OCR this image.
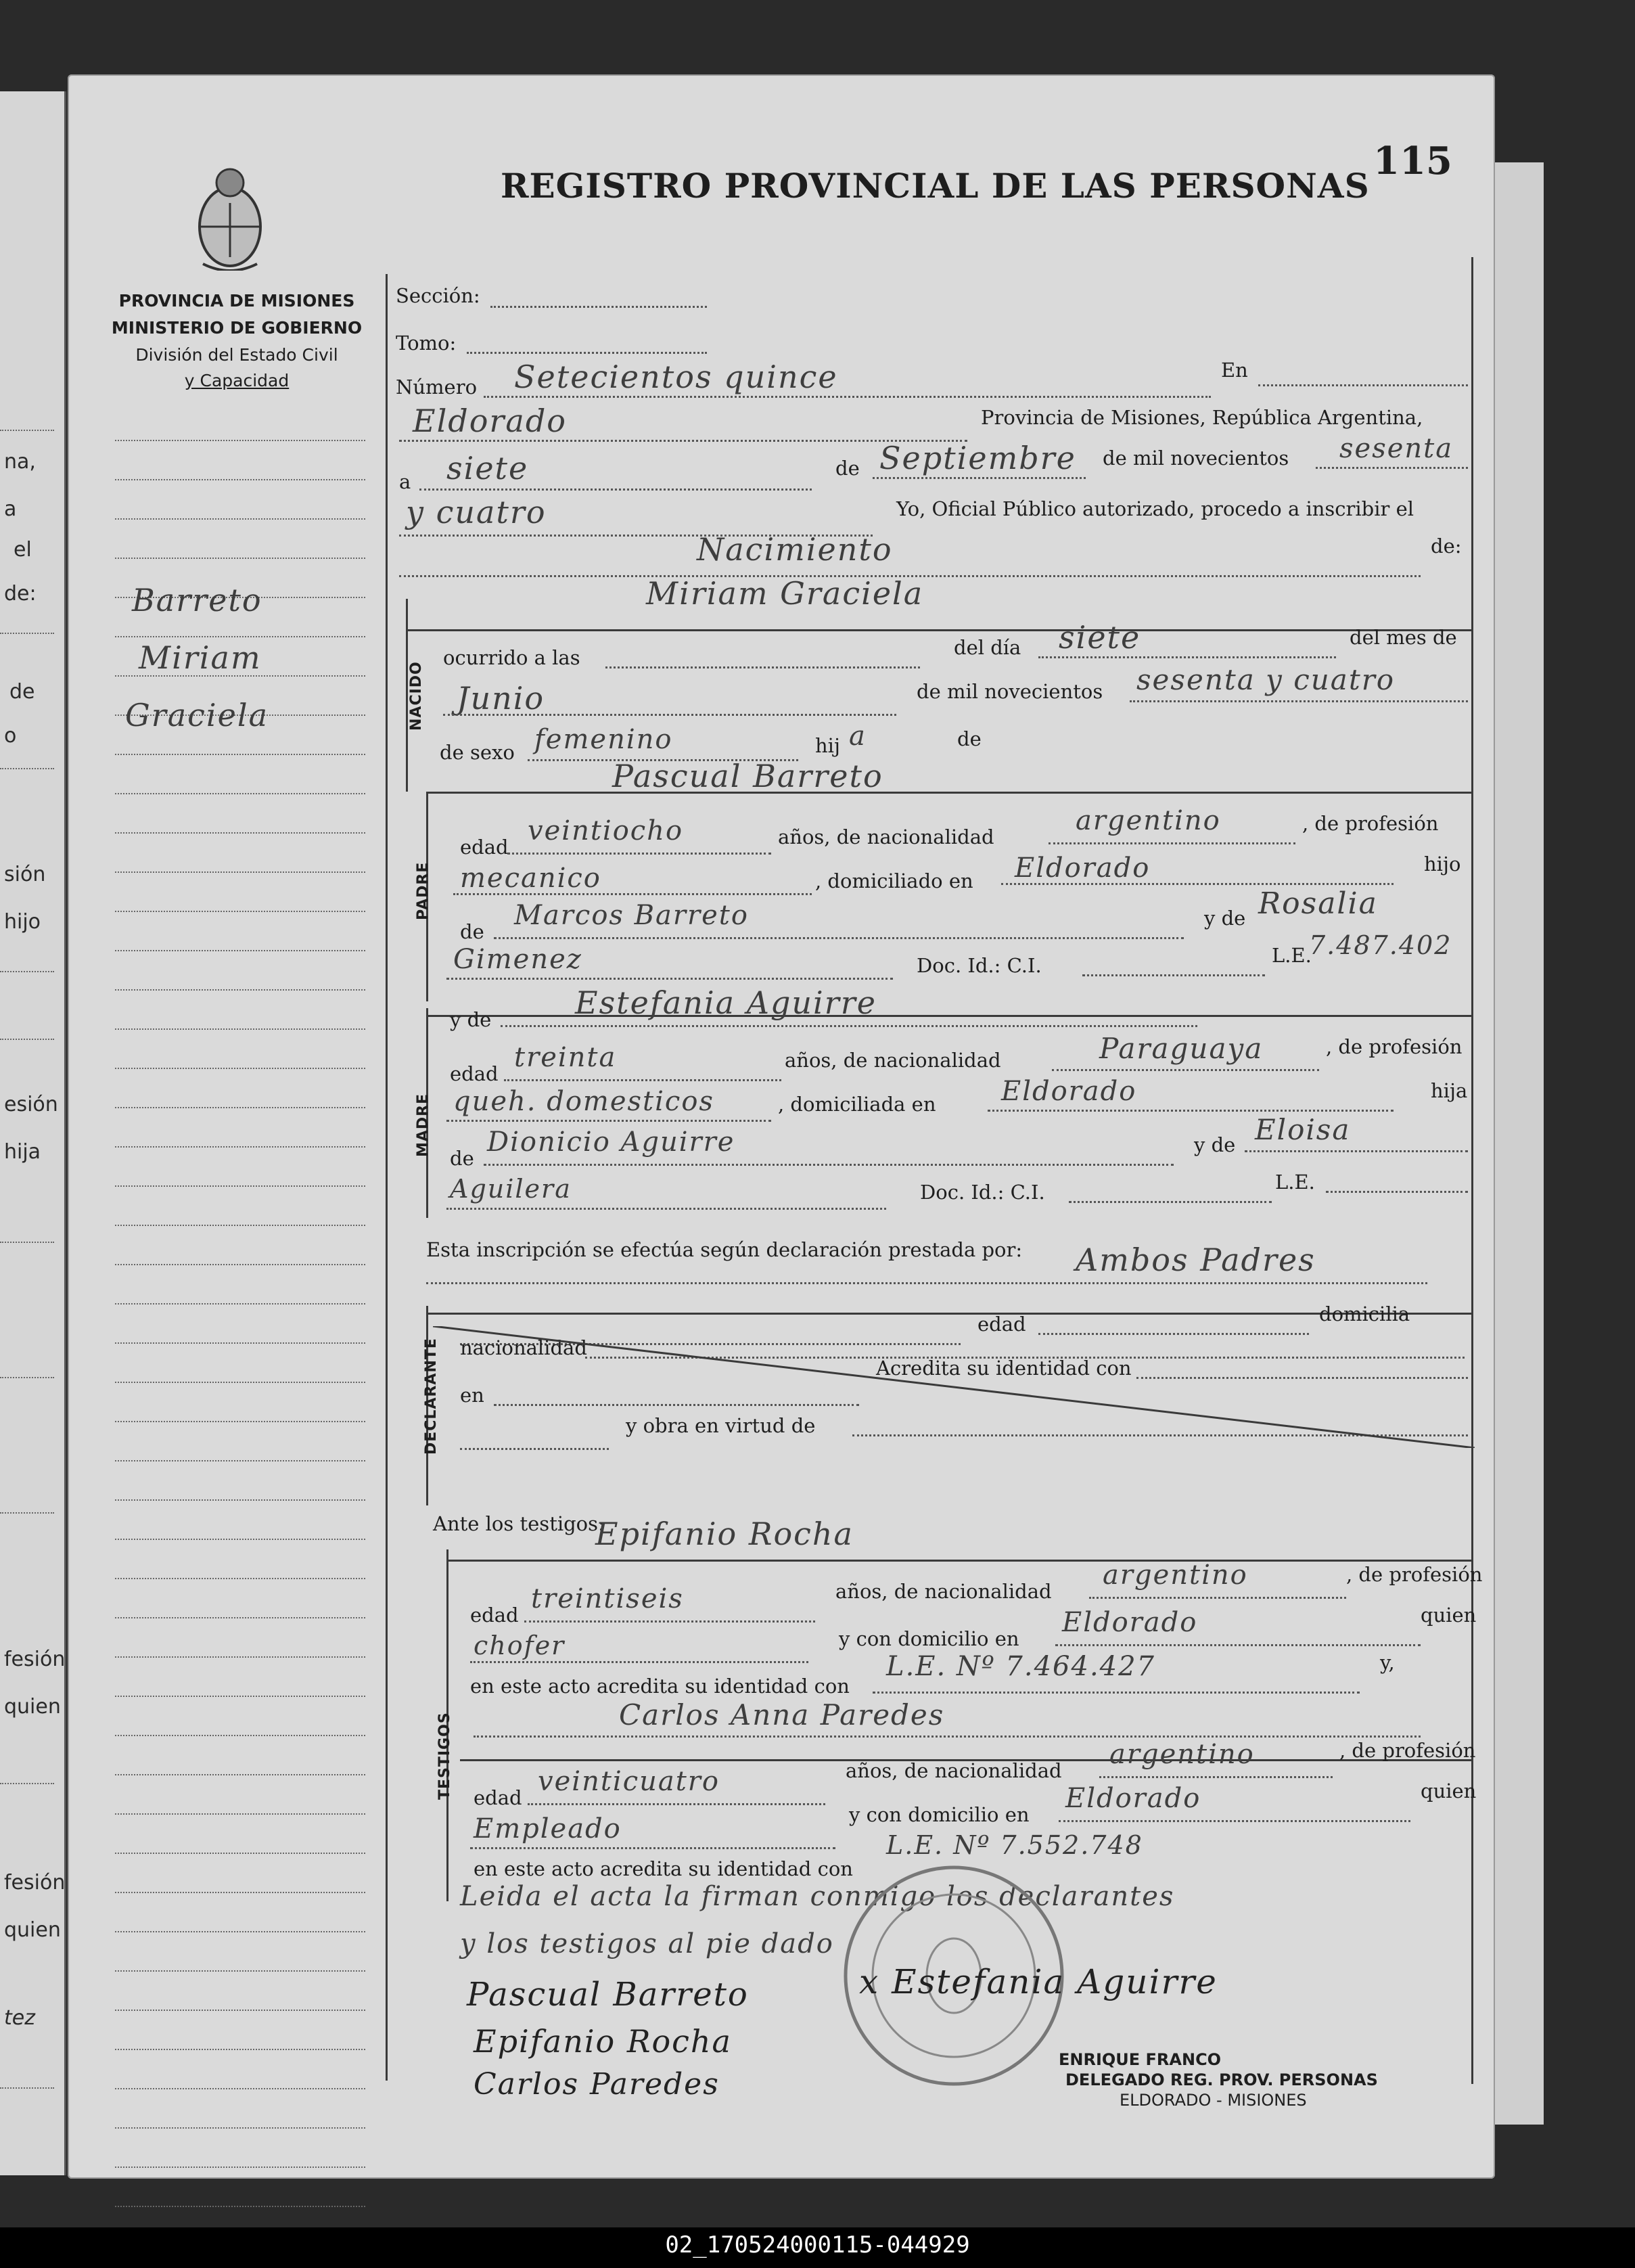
na,
a
el
de:
de
o
sión
hijo
esión
hija
fesión
quien
fesión
quien
tez
REGISTRO PROVINCIAL DE LAS PERSONAS
115
PROVINCIA DE MISIONES
MINISTERIO DE GOBIERNO
División del Estado Civil
y Capacidad
Barreto
Miriam
Graciela
Sección:
Tomo:
Número Setecientos quince	En
Eldorado	Provincia de Misiones, República Argentina,
a siete	de Septiembre de mil novecientos sesenta
y cuatro	Yo, Oficial Público autorizado, procedo a inscribir el
Nacimiento	de:
Miriam Graciela
NACIDO
ocurrido a las	del día siete	del mes de
Junio	de mil novecientos sesenta y cuatro
de sexo femenino	hij a	de
Pascual Barreto
PADRE
edad
veintiocho	años, de nacionalidad
argentino	, de profesión
mecanico	, domiciliado en Eldorado	hijo
de
Marcos Barreto	y de Rosalia
Gimenez	Doc. Id.: C.I.	L.E.
7.487.402
MADRE
y de	Estefania Aguirre
edad
treinta	años, de nacionalidad	Paraguaya	, de profesión
queh. domesticos	, domiciliada en Eldorado	hija
de
Dionicio Aguirre	y de Eloisa
Aguilera	Doc. Id.: C.I.	L.E.
Esta inscripción se efectúa según declaración prestada por: Ambos Padres
DECLARANTE
edad	domicilia
nacionalidad
en
Acredita su identidad con
y obra en virtud de
Ante los testigos:
Epifanio Rocha
TESTIGOS
edad
treintiseis	años, de nacionalidad
argentino	, de profesión
chofer	y con domicilio en
Eldorado	quien
en este acto acredita su identidad con
L.E. Nº 7.464.427	y,
Carlos Anna Paredes
edad
veinticuatro	años, de nacionalidad
argentino	, de profesión
Empleado	y con domicilio en
Eldorado	quien
en este acto acredita su identidad con
L.E. Nº 7.552.748
Leida el acta la firman conmigo los declarantes
y los testigos al pie dado
Pascual Barreto	x Estefania Aguirre
Epifanio Rocha
Carlos Paredes
ENRIQUE FRANCO
DELEGADO REG. PROV. PERSONAS
ELDORADO - MISIONES
02_170524000115-044929
